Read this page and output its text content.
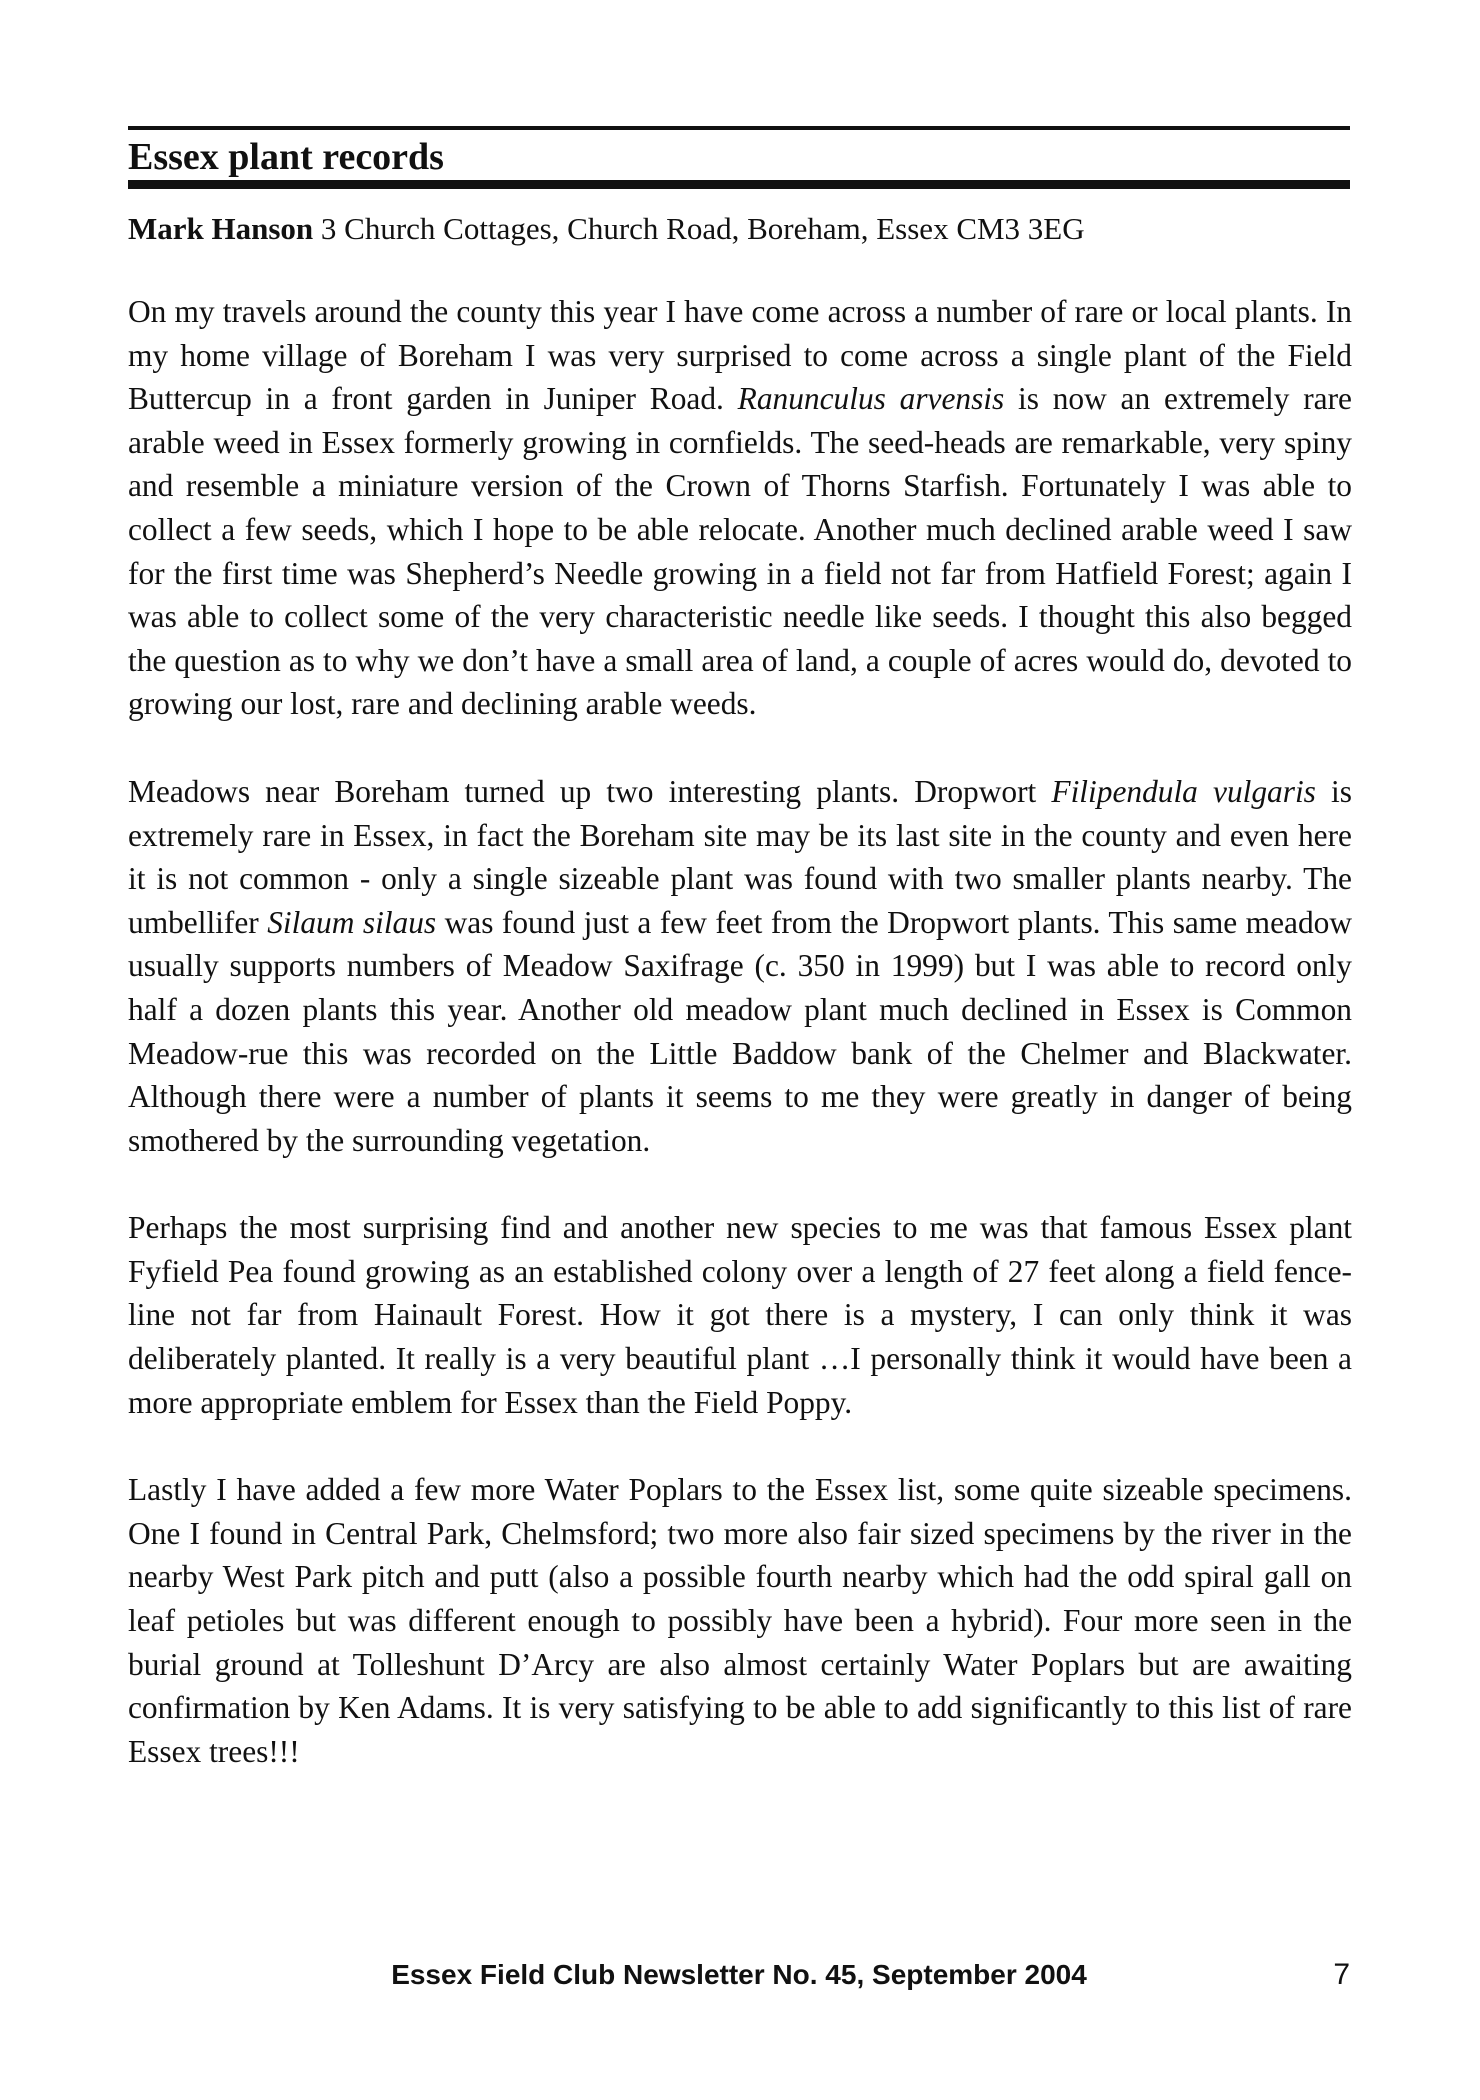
Essex plant records

Mark Hanson 3 Church Cottages, Church Road, Boreham, Essex CM3 3EG

On my travels around the county this year I have come across a number of rare or local plants. In my home village of Boreham I was very surprised to come across a single plant of the Field Buttercup in a front garden in Juniper Road. Ranunculus arvensis is now an extremely rare arable weed in Essex formerly growing in cornfields. The seed-heads are remarkable, very spiny and resemble a miniature version of the Crown of Thorns Starfish. Fortunately I was able to collect a few seeds, which I hope to be able relocate. Another much declined arable weed I saw for the first time was Shepherd’s Needle growing in a field not far from Hatfield Forest; again I was able to collect some of the very characteristic needle like seeds. I thought this also begged the question as to why we don’t have a small area of land, a couple of acres would do, devoted to growing our lost, rare and declining arable weeds.

Meadows near Boreham turned up two interesting plants. Dropwort Filipendula vulgaris is extremely rare in Essex, in fact the Boreham site may be its last site in the county and even here it is not common - only a single sizeable plant was found with two smaller plants nearby. The umbellifer Silaum silaus was found just a few feet from the Dropwort plants. This same meadow usually supports numbers of Meadow Saxifrage (c. 350 in 1999) but I was able to record only half a dozen plants this year. Another old meadow plant much declined in Essex is Common Meadow-rue this was recorded on the Little Baddow bank of the Chelmer and Blackwater. Although there were a number of plants it seems to me they were greatly in danger of being smothered by the surrounding vegetation.

Perhaps the most surprising find and another new species to me was that famous Essex plant Fyfield Pea found growing as an established colony over a length of 27 feet along a field fence-line not far from Hainault Forest. How it got there is a mystery, I can only think it was deliberately planted. It really is a very beautiful plant …I personally think it would have been a more appropriate emblem for Essex than the Field Poppy.

Lastly I have added a few more Water Poplars to the Essex list, some quite sizeable specimens. One I found in Central Park, Chelmsford; two more also fair sized specimens by the river in the nearby West Park pitch and putt (also a possible fourth nearby which had the odd spiral gall on leaf petioles but was different enough to possibly have been a hybrid). Four more seen in the burial ground at Tolleshunt D’Arcy are also almost certainly Water Poplars but are awaiting confirmation by Ken Adams. It is very satisfying to be able to add significantly to this list of rare Essex trees!!!

Essex Field Club Newsletter No. 45, September 2004	7
